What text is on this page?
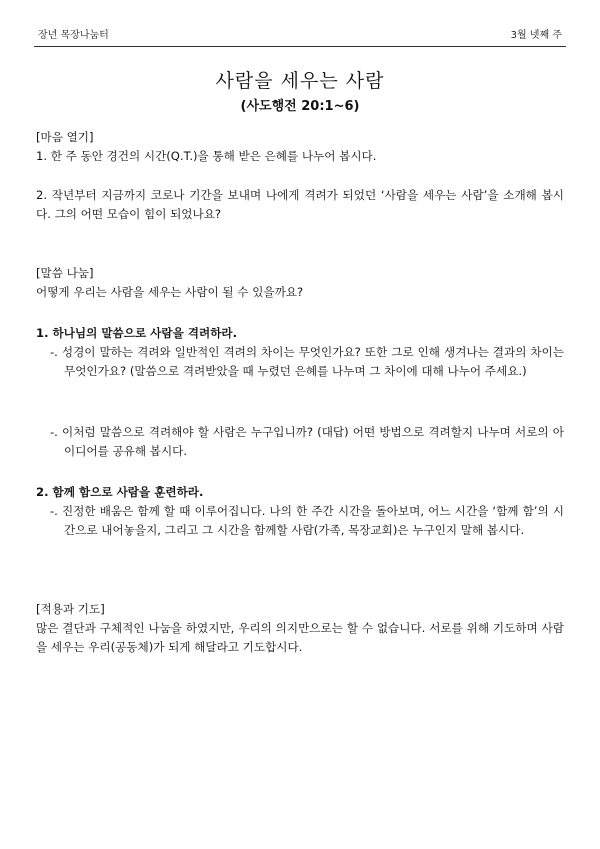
장년 목장나눔터	3월 넷째 주
사람을 세우는 사람
(사도행전 20:1~6)
[마음 열기]
1. 한 주 동안 경건의 시간(Q.T.)을 통해 받은 은혜를 나누어 봅시다.
2. 작년부터 지금까지 코로나 기간을 보내며 나에게 격려가 되었던 ‘사람을 세우는 사람’을 소개해 봅시다. 그의 어떤 모습이 힘이 되었나요?
[말씀 나눔]
어떻게 우리는 사람을 세우는 사람이 될 수 있을까요?
1. 하나님의 말씀으로 사람을 격려하라.
-. 성경이 말하는 격려와 일반적인 격려의 차이는 무엇인가요? 또한 그로 인해 생겨나는 결과의 차이는 무엇인가요? (말씀으로 격려받았을 때 누렸던 은혜를 나누며 그 차이에 대해 나누어 주세요.)
-. 이처럼 말씀으로 격려해야 할 사람은 누구입니까? (대답) 어떤 방법으로 격려할지 나누며 서로의 아이디어를 공유해 봅시다.
2. 함께 함으로 사람을 훈련하라.
-. 진정한 배움은 함께 할 때 이루어집니다. 나의 한 주간 시간을 돌아보며, 어느 시간을 ‘함께 함’의 시간으로 내어놓을지, 그리고 그 시간을 함께할 사람(가족, 목장교회)은 누구인지 말해 봅시다.
[적용과 기도]
많은 결단과 구체적인 나눔을 하였지만, 우리의 의지만으로는 할 수 없습니다. 서로를 위해 기도하며 사람을 세우는 우리(공동체)가 되게 해달라고 기도합시다.
